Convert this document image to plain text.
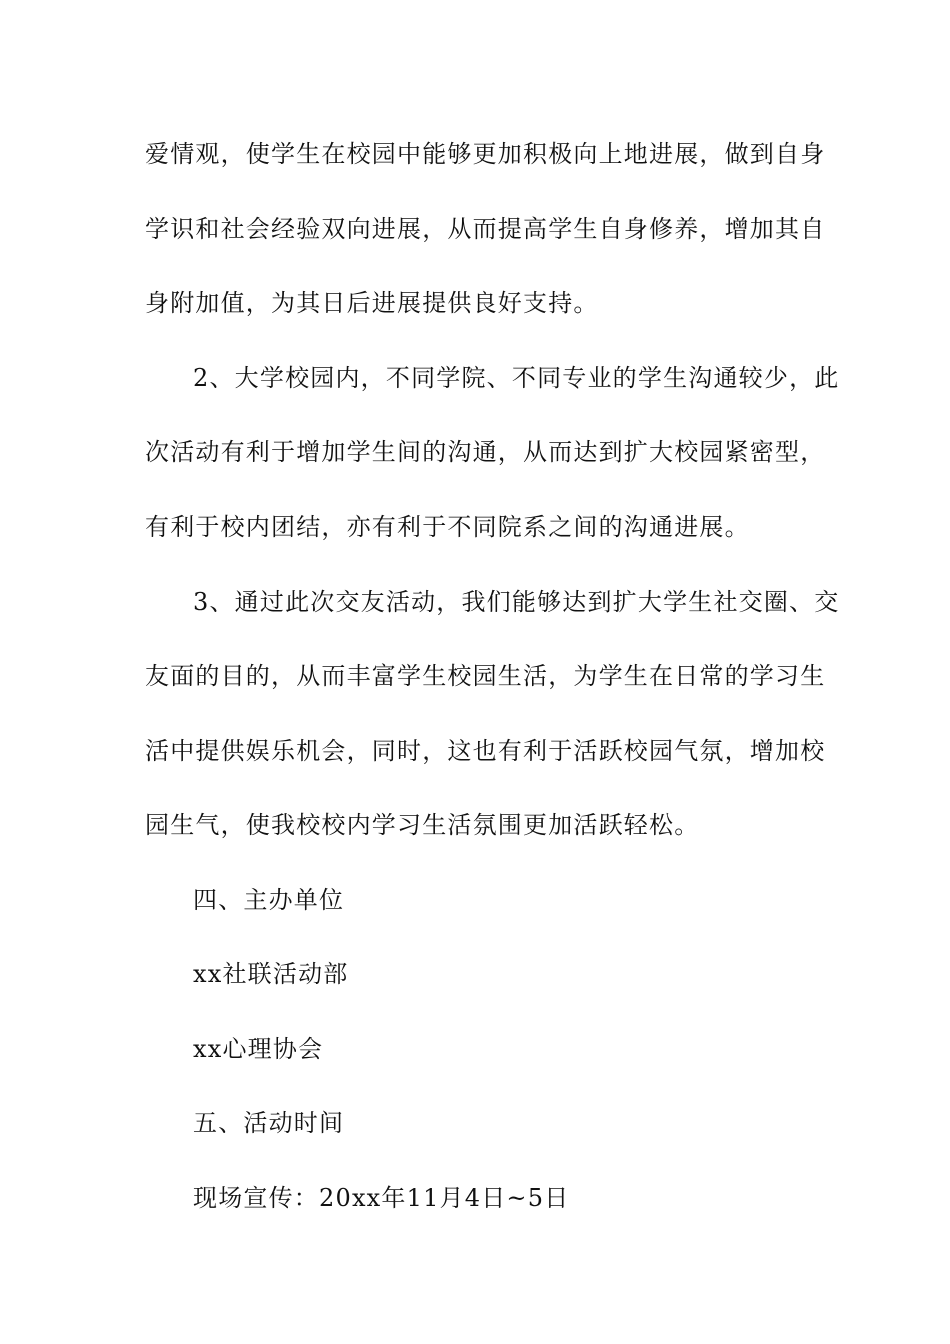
爱情观，使学生在校园中能够更加积极向上地进展，做到自身
学识和社会经验双向进展，从而提高学生自身修养，增加其自
身附加值，为其日后进展提供良好支持。
2、大学校园内，不同学院、不同专业的学生沟通较少，此
次活动有利于增加学生间的沟通，从而达到扩大校园紧密型，
有利于校内团结，亦有利于不同院系之间的沟通进展。
3、通过此次交友活动，我们能够达到扩大学生社交圈、交
友面的目的，从而丰富学生校园生活，为学生在日常的学习生
活中提供娱乐机会，同时，这也有利于活跃校园气氛，增加校
园生气，使我校校内学习生活氛围更加活跃轻松。
四、主办单位
xx社联活动部
xx心理协会
五、活动时间
现场宣传：20xx年11月4日~5日
